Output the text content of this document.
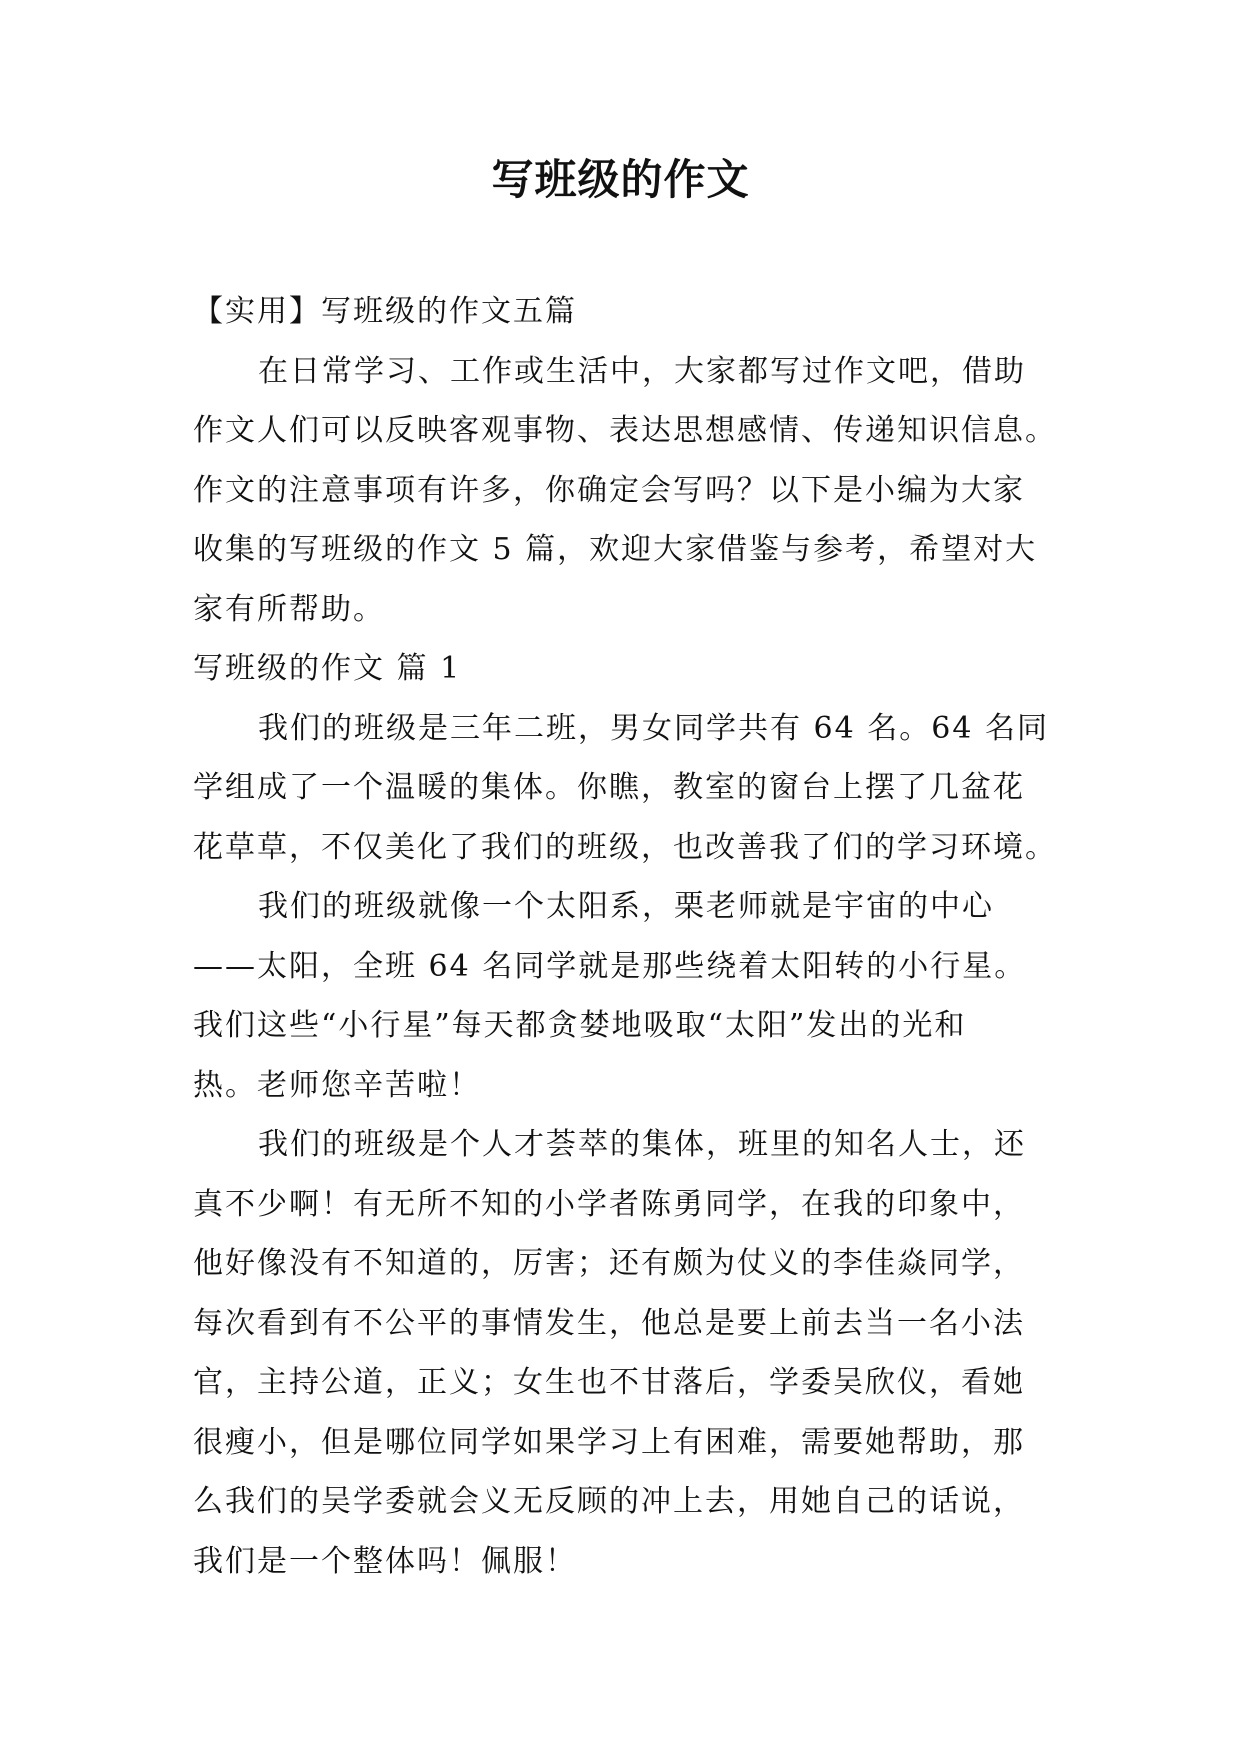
写班级的作文
【实用】写班级的作文五篇
在日常学习、工作或生活中，大家都写过作文吧，借助
作文人们可以反映客观事物、表达思想感情、传递知识信息。
作文的注意事项有许多，你确定会写吗？以下是小编为大家
收集的写班级的作文 5 篇，欢迎大家借鉴与参考，希望对大
家有所帮助。
写班级的作文 篇 1
我们的班级是三年二班，男女同学共有 64 名。64 名同
学组成了一个温暖的集体。你瞧，教室的窗台上摆了几盆花
花草草，不仅美化了我们的班级，也改善我了们的学习环境。
我们的班级就像一个太阳系，栗老师就是宇宙的中心
——太阳，全班 64 名同学就是那些绕着太阳转的小行星。
我们这些“小行星”每天都贪婪地吸取“太阳”发出的光和
热。老师您辛苦啦！
我们的班级是个人才荟萃的集体，班里的知名人士，还
真不少啊！有无所不知的小学者陈勇同学，在我的印象中，
他好像没有不知道的，厉害；还有颇为仗义的李佳焱同学，
每次看到有不公平的事情发生，他总是要上前去当一名小法
官，主持公道，正义；女生也不甘落后，学委吴欣仪，看她
很瘦小，但是哪位同学如果学习上有困难，需要她帮助，那
么我们的吴学委就会义无反顾的冲上去，用她自己的话说，
我们是一个整体吗！佩服！
